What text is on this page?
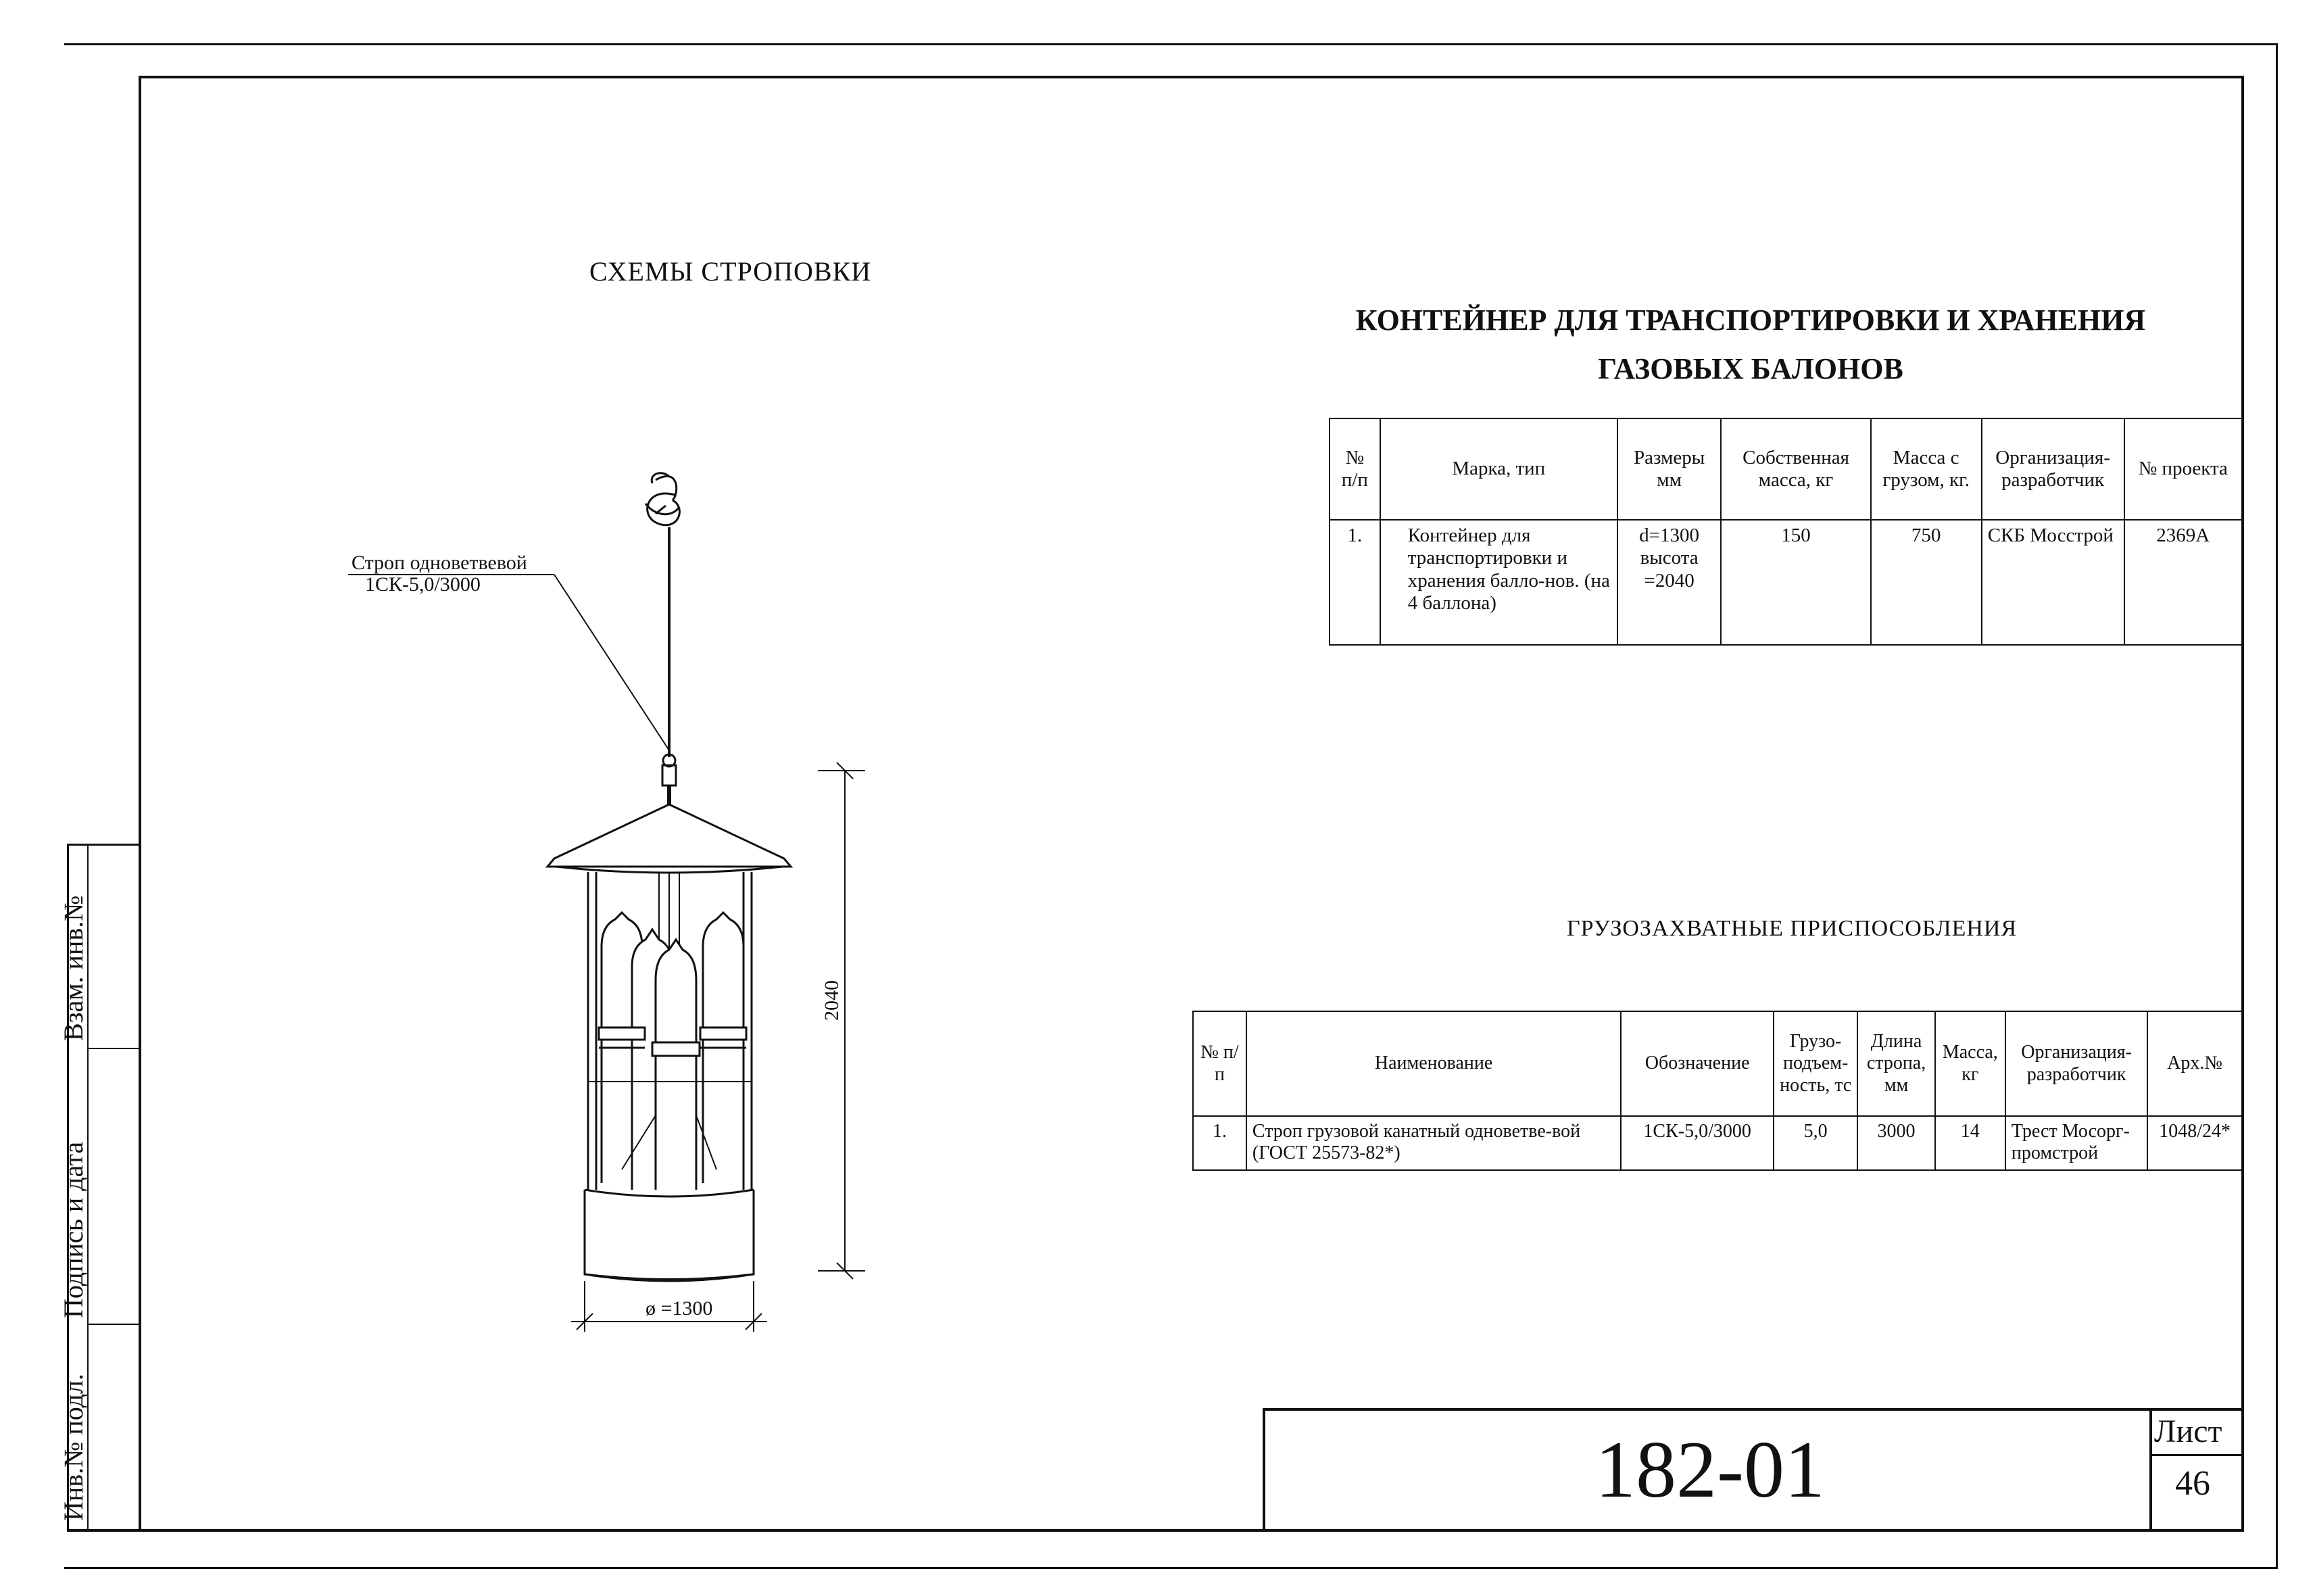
Взам. инв.№
Подпись и дата
Инв.№ подл.
СХЕМЫ СТРОПОВКИ
Строп одноветвевой
1СК-5,0/3000
2040
ø =1300
КОНТЕЙНЕР ДЛЯ ТРАНСПОРТИРОВКИ И ХРАНЕНИЯ
ГАЗОВЫХ БАЛОНОВ
№ п/п	Марка, тип	Размеры мм	Собственная масса, кг	Масса с грузом, кг.	Организация-разработчик	№ проекта
1.	Контейнер для транспортировки и хранения балло-нов. (на 4 баллона)	d=1300 высота =2040	150	750	СКБ Мосстрой	2369А
ГРУЗОЗАХВАТНЫЕ ПРИСПОСОБЛЕНИЯ
№ п/п	Наименование	Обозначение	Грузо-подъем-ность, тс	Длина стропа, мм	Масса, кг	Организация-разработчик	Арх.№
1.	Строп грузовой канатный одноветве-вой (ГОСТ 25573-82*)	1СК-5,0/3000	5,0	3000	14	Трест Мосорг-промстрой	1048/24*
182-01	Лист
46
